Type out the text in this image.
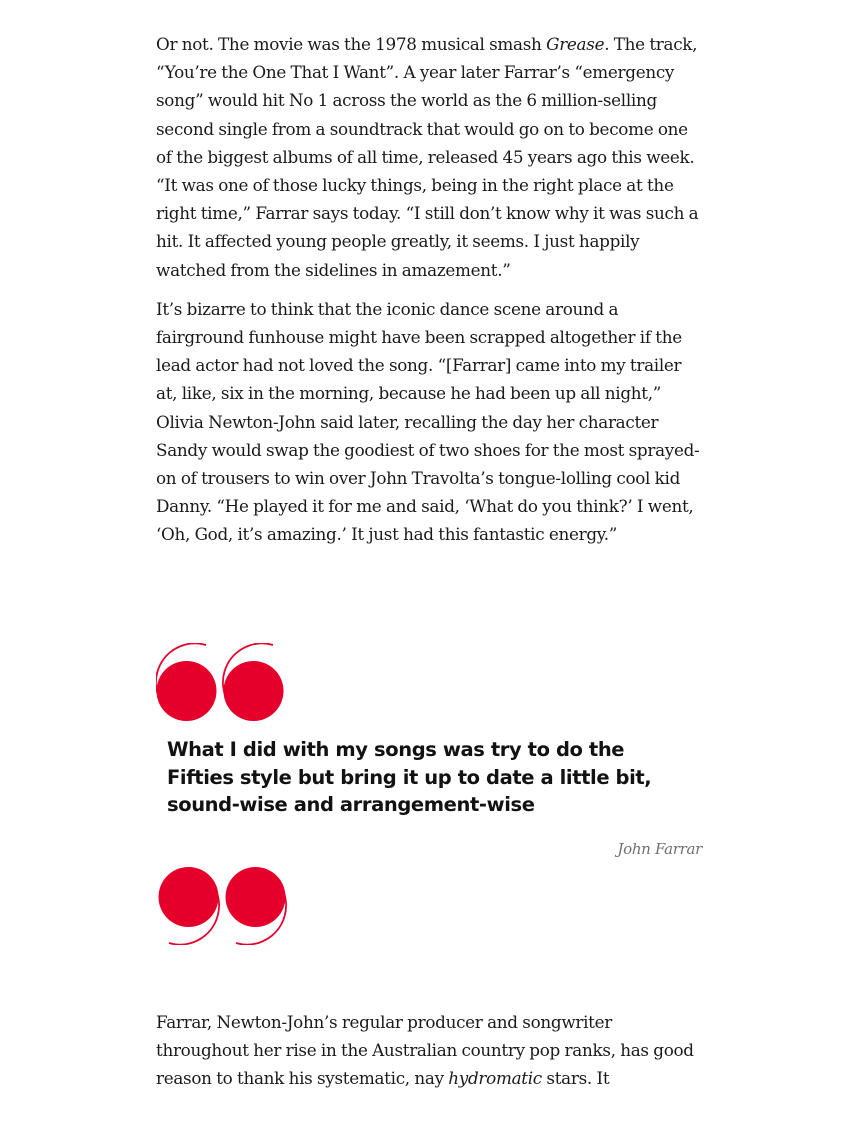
Or not. The movie was the 1978 musical smash Grease. The track, “You’re the One That I Want”. A year later Farrar’s “emergency song” would hit No 1 across the world as the 6 million-selling second single from a soundtrack that would go on to become one of the biggest albums of all time, released 45 years ago this week. “It was one of those lucky things, being in the right place at the right time,” Farrar says today. “I still don’t know why it was such a hit. It affected young people greatly, it seems. I just happily watched from the sidelines in amazement.”

It’s bizarre to think that the iconic dance scene around a fairground funhouse might have been scrapped altogether if the lead actor had not loved the song. “[Farrar] came into my trailer at, like, six in the morning, because he had been up all night,” Olivia Newton-John said later, recalling the day her character Sandy would swap the goodiest of two shoes for the most sprayed-on of trousers to win over John Travolta’s tongue-lolling cool kid Danny. “He played it for me and said, ‘What do you think?’ I went, ‘Oh, God, it’s amazing.’ It just had this fantastic energy.”

What I did with my songs was try to do the Fifties style but bring it up to date a little bit, sound-wise and arrangement-wise

John Farrar

Farrar, Newton-John’s regular producer and songwriter throughout her rise in the Australian country pop ranks, has good reason to thank his systematic, nay hydromatic stars. It
